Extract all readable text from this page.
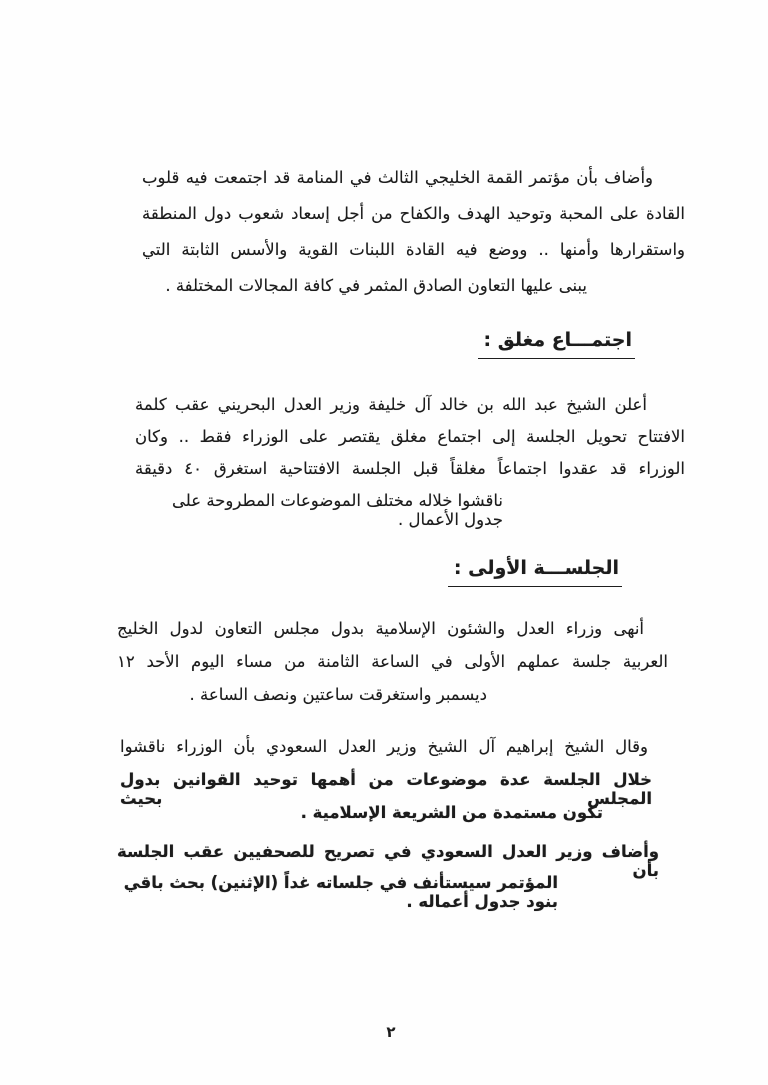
وأضاف بأن مؤتمر القمة الخليجي الثالث في المنامة قد اجتمعت فيه قلوب
القادة على المحبة وتوحيد الهدف والكفاح من أجل إسعاد شعوب دول المنطقة
واستقرارها وأمنها .. ووضع فيه القادة اللبنات القوية والأسس الثابتة التي
يبنى عليها التعاون الصادق المثمر في كافة المجالات المختلفة .
اجتمـــاع مغلق :
أعلن الشيخ عبد الله بن خالد آل خليفة وزير العدل البحريني عقب كلمة
الافتتاح تحويل الجلسة إلى اجتماع مغلق يقتصر على الوزراء فقط .. وكان
الوزراء قد عقدوا اجتماعاً مغلقاً قبل الجلسة الافتتاحية استغرق ٤٠ دقيقة
ناقشوا خلاله مختلف الموضوعات المطروحة على جدول الأعمال .
الجلســـة الأولى :
أنهى وزراء العدل والشئون الإسلامية بدول مجلس التعاون لدول الخليج
العربية جلسة عملهم الأولى في الساعة الثامنة من مساء اليوم الأحد ١٢
ديسمبر واستغرقت ساعتين ونصف الساعة .
وقال الشيخ إبراهيم آل الشيخ وزير العدل السعودي بأن الوزراء ناقشوا
خلال الجلسة عدة موضوعات من أهمها توحيد القوانين بدول المجلس بحيث
تكون مستمدة من الشريعة الإسلامية .
وأضاف وزير العدل السعودي في تصريح للصحفيين عقب الجلسة بأن
المؤتمر سيستأنف في جلساته غداً (الإثنين) بحث باقي بنود جدول أعماله .
٢
